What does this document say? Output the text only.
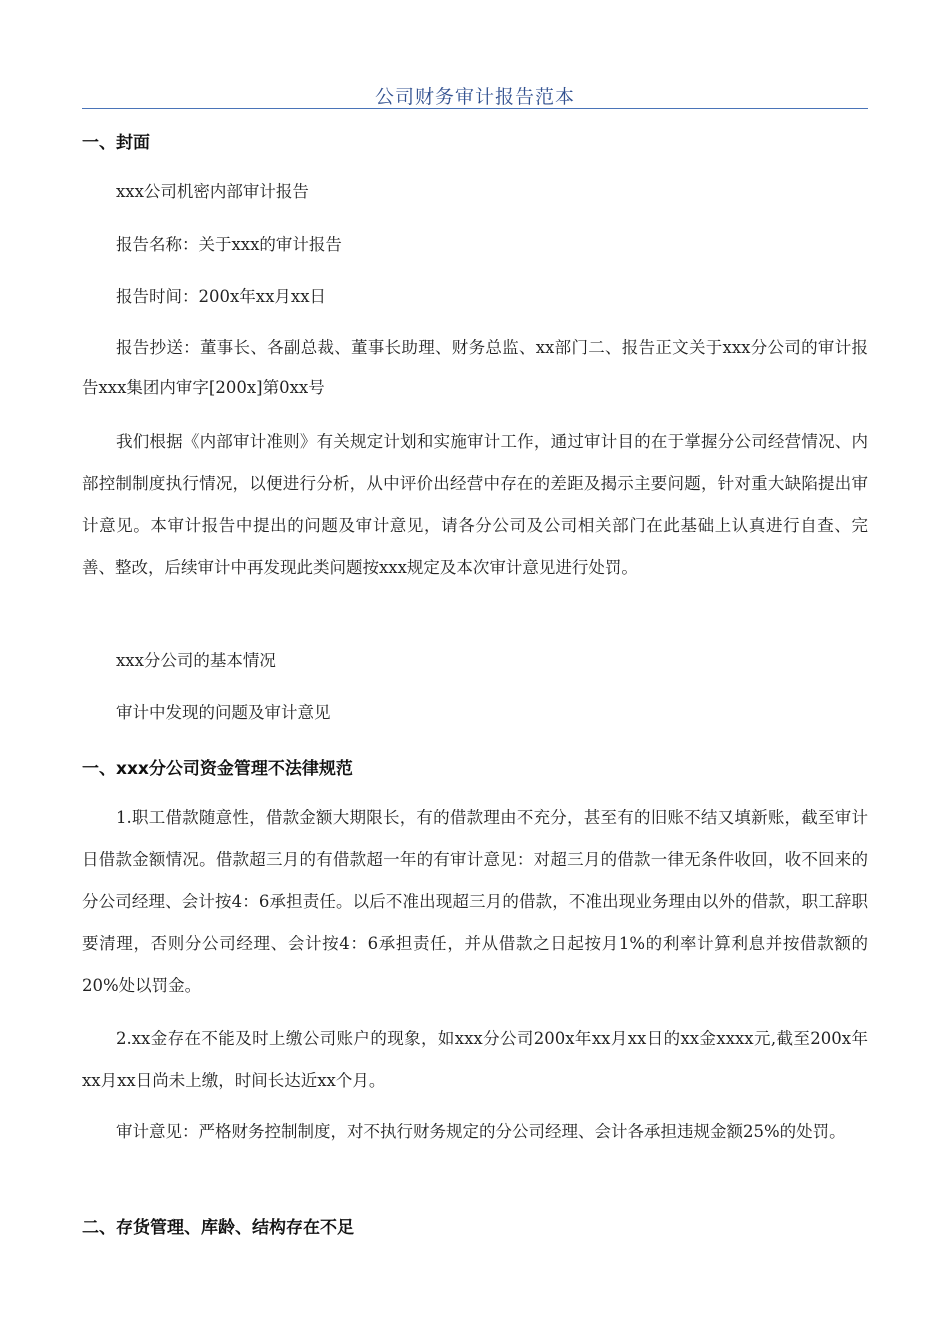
公司财务审计报告范本
一、封面
xxx公司机密内部审计报告
报告名称：关于xxx的审计报告
报告时间：200x年xx月xx日
报告抄送：董事长、各副总裁、董事长助理、财务总监、xx部门二、报告正文关于xxx分公司的审计报告xxx集团内审字[200x]第0xx号
我们根据《内部审计准则》有关规定计划和实施审计工作，通过审计目的在于掌握分公司经营情况、内部控制制度执行情况，以便进行分析，从中评价出经营中存在的差距及揭示主要问题，针对重大缺陷提出审计意见。本审计报告中提出的问题及审计意见，请各分公司及公司相关部门在此基础上认真进行自查、完善、整改，后续审计中再发现此类问题按xxx规定及本次审计意见进行处罚。
xxx分公司的基本情况
审计中发现的问题及审计意见
一、xxx分公司资金管理不法律规范
1.职工借款随意性，借款金额大期限长，有的借款理由不充分，甚至有的旧账不结又填新账，截至审计日借款金额情况。借款超三月的有借款超一年的有审计意见：对超三月的借款一律无条件收回，收不回来的分公司经理、会计按4：6承担责任。以后不准出现超三月的借款，不准出现业务理由以外的借款，职工辞职要清理，否则分公司经理、会计按4：6承担责任，并从借款之日起按月1%的利率计算利息并按借款额的20%处以罚金。
2.xx金存在不能及时上缴公司账户的现象，如xxx分公司200x年xx月xx日的xx金xxxx元,截至200x年xx月xx日尚未上缴，时间长达近xx个月。
审计意见：严格财务控制制度，对不执行财务规定的分公司经理、会计各承担违规金额25%的处罚。
二、存货管理、库龄、结构存在不足
